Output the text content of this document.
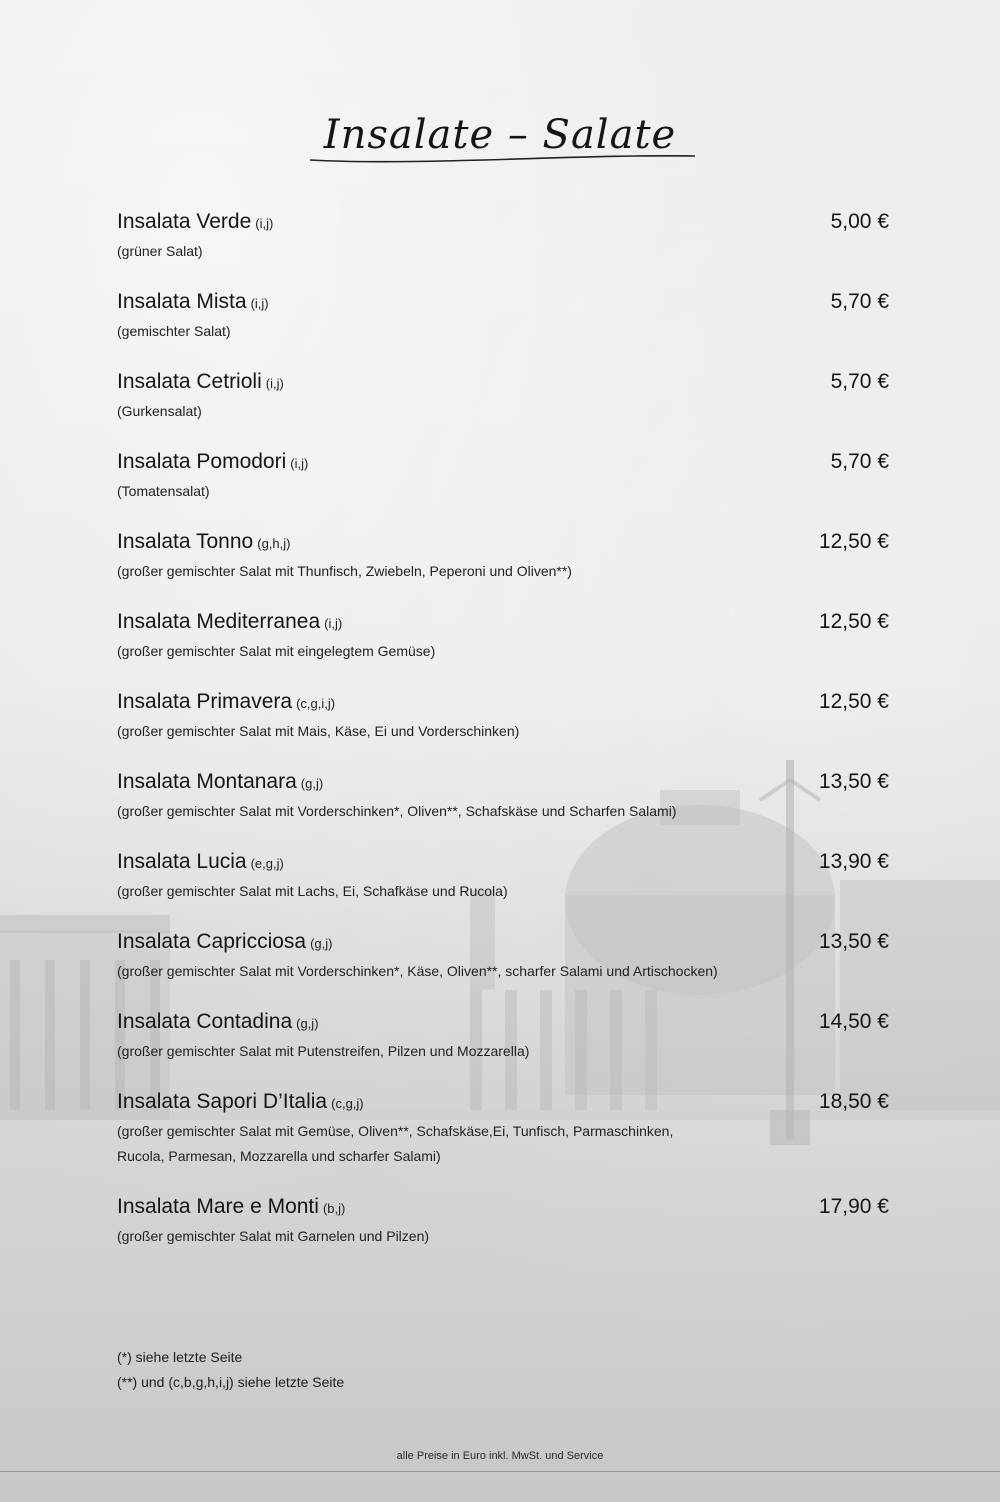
Insalate – Salate
Insalata Verde (i,j)	5,00 €
(grüner Salat)
Insalata Mista (i,j)	5,70 €
(gemischter Salat)
Insalata Cetrioli (i,j)	5,70 €
(Gurkensalat)
Insalata Pomodori (i,j)	5,70 €
(Tomatensalat)
Insalata Tonno (g,h,j)	12,50 €
(großer gemischter Salat mit Thunfisch, Zwiebeln, Peperoni und Oliven**)
Insalata Mediterranea (i,j)	12,50 €
(großer gemischter Salat mit eingelegtem Gemüse)
Insalata Primavera (c,g,i,j)	12,50 €
(großer gemischter Salat mit Mais, Käse, Ei und Vorderschinken)
Insalata Montanara (g,j)	13,50 €
(großer gemischter Salat mit Vorderschinken*, Oliven**, Schafskäse und Scharfen Salami)
Insalata Lucia (e,g,j)	13,90 €
(großer gemischter Salat mit Lachs, Ei, Schafkäse und Rucola)
Insalata Capricciosa (g,j)	13,50 €
(großer gemischter Salat mit Vorderschinken*, Käse, Oliven**, scharfer Salami und Artischocken)
Insalata Contadina (g,j)	14,50 €
(großer gemischter Salat mit Putenstreifen, Pilzen und Mozzarella)
Insalata Sapori D’Italia (c,g,j)	18,50 €
(großer gemischter Salat mit Gemüse, Oliven**, Schafskäse,Ei, Tunfisch, Parmaschinken,
Rucola, Parmesan, Mozzarella und scharfer Salami)
Insalata Mare e Monti (b,j)	17,90 €
(großer gemischter Salat mit Garnelen und Pilzen)
(*) siehe letzte Seite
(**) und (c,b,g,h,i,j) siehe letzte Seite
alle Preise in Euro inkl. MwSt. und Service
